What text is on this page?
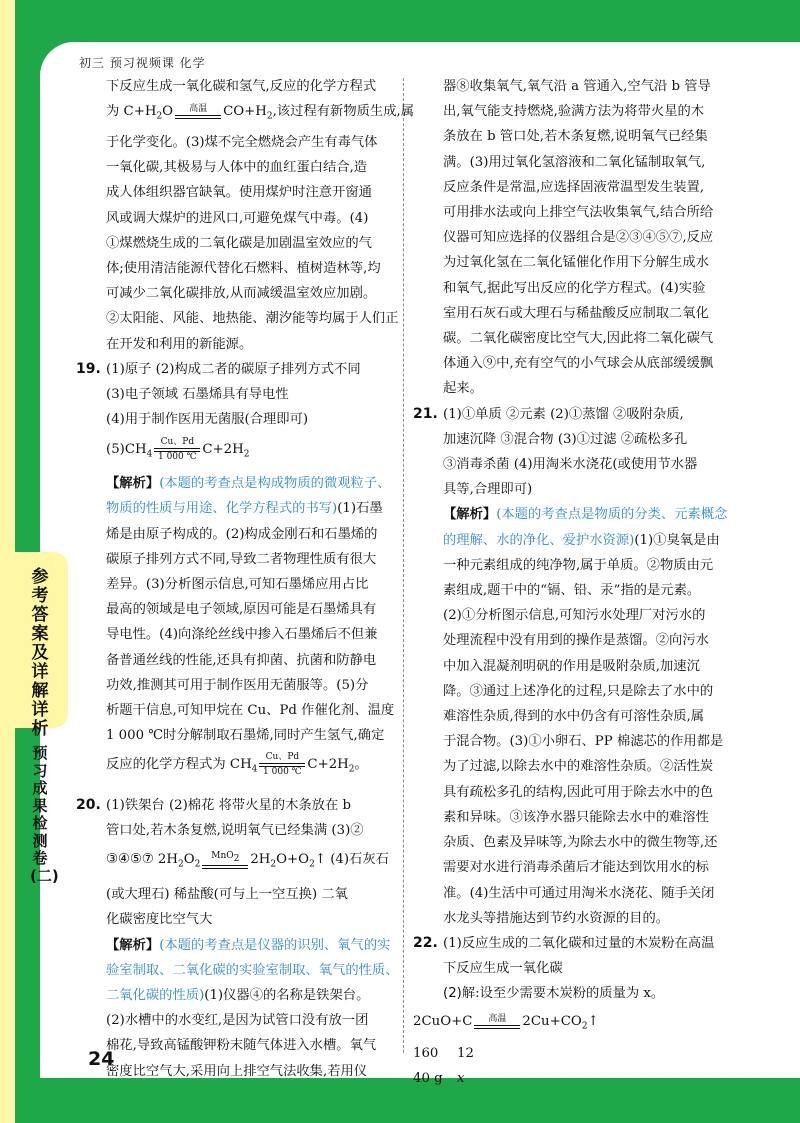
初三 预习视频课 化学
参考答案及详解详析
预习成果检测卷(二)
下反应生成一氧化碳和氢气,反应的化学方程式
为 $C+H_2O$ 高温 $CO+H_2$,该过程有新物质生成,属
于化学变化。(3)煤不完全燃烧会产生有毒气体
一氧化碳,其极易与人体中的血红蛋白结合,造
成人体组织器官缺氧。使用煤炉时注意开窗通
风或调大煤炉的进风口,可避免煤气中毒。(4)
①煤燃烧生成的二氧化碳是加剧温室效应的气
体;使用清洁能源代替化石燃料、植树造林等,均
可减少二氧化碳排放,从而减缓温室效应加剧。
②太阳能、风能、地热能、潮汐能等均属于人们正
在开发和利用的新能源。
19. (1)原子 (2)构成二者的碳原子排列方式不同
(3)电子领域 石墨烯具有导电性
(4)用于制作医用无菌服(合理即可)
$(5)CH_4 \frac{Cu、Pd}{1 000 ℃} C+2H_2$
【解析】(本题的考查点是构成物质的微观粒子、
物质的性质与用途、化学方程式的书写)(1)石墨
烯是由原子构成的。(2)构成金刚石和石墨烯的
碳原子排列方式不同,导致二者物理性质有很大
差异。(3)分析图示信息,可知石墨烯应用占比
最高的领域是电子领域,原因可能是石墨烯具有
导电性。(4)向涤纶丝线中掺入石墨烯后不但兼
备普通丝线的性能,还具有抑菌、抗菌和防静电
功效,推测其可用于制作医用无菌服等。(5)分
析题干信息,可知甲烷在 Cu、Pd 作催化剂、温度
1 000 ℃时分解制取石墨烯,同时产生氢气,确定
反应的化学方程式为 $CH_4 \frac{Cu、Pd}{1 000 ℃} C+2H_2$。
20. (1)铁架台 (2)棉花 将带火星的木条放在 b
管口处,若木条复燃,说明氧气已经集满 (3)②
③④⑤⑦ $2H_2O_2MnO_2$ $2H_2O+O_2↑$ (4)石灰石
(或大理石) 稀盐酸(可与上一空互换) 二氧
化碳密度比空气大
【解析】(本题的考查点是仪器的识别、氧气的实
验室制取、二氧化碳的实验室制取、氧气的性质、
二氧化碳的性质)(1)仪器④的名称是铁架台。
(2)水槽中的水变红,是因为试管口没有放一团
棉花,导致高锰酸钾粉末随气体进入水槽。氧气
密度比空气大,采用向上排空气法收集,若用仪
器⑧收集氧气,氧气沿 a 管通入,空气沿 b 管导
出,氧气能支持燃烧,验满方法为将带火星的木
条放在 b 管口处,若木条复燃,说明氧气已经集
满。(3)用过氧化氢溶液和二氧化锰制取氧气,
反应条件是常温,应选择固液常温型发生装置,
可用排水法或向上排空气法收集氧气,结合所给
仪器可知应选择的仪器组合是②③④⑤⑦,反应
为过氧化氢在二氧化锰催化作用下分解生成水
和氧气,据此写出反应的化学方程式。(4)实验
室用石灰石或大理石与稀盐酸反应制取二氧化
碳。二氧化碳密度比空气大,因此将二氧化碳气
体通入⑨中,充有空气的小气球会从底部缓缓飘
起来。
21. (1)①单质 ②元素 (2)①蒸馏 ②吸附杂质,
加速沉降 ③混合物 (3)①过滤 ②疏松多孔
③消毒杀菌 (4)用淘米水浇花(或使用节水器
具等,合理即可)
【解析】(本题的考查点是物质的分类、元素概念
的理解、水的净化、爱护水资源)(1)①臭氧是由
一种元素组成的纯净物,属于单质。②物质由元
素组成,题干中的“镉、铅、汞”指的是元素。
(2)①分析图示信息,可知污水处理厂对污水的
处理流程中没有用到的操作是蒸馏。②向污水
中加入混凝剂明矾的作用是吸附杂质,加速沉
降。③通过上述净化的过程,只是除去了水中的
难溶性杂质,得到的水中仍含有可溶性杂质,属
于混合物。(3)①小卵石、PP 棉滤芯的作用都是
为了过滤,以除去水中的难溶性杂质。②活性炭
具有疏松多孔的结构,因此可用于除去水中的色
素和异味。③该净水器只能除去水中的难溶性
杂质、色素及异味等,为除去水中的微生物等,还
需要对水进行消毒杀菌后才能达到饮用水的标
准。(4)生活中可通过用淘米水浇花、随手关闭
水龙头等措施达到节约水资源的目的。
22. (1)反应生成的二氧化碳和过量的木炭粉在高温
下反应生成一氧化碳
(2)解:设至少需要木炭粉的质量为 x。
2CuO+C 高温 $2Cu+CO_2↑$
160 12
40 g x
24
